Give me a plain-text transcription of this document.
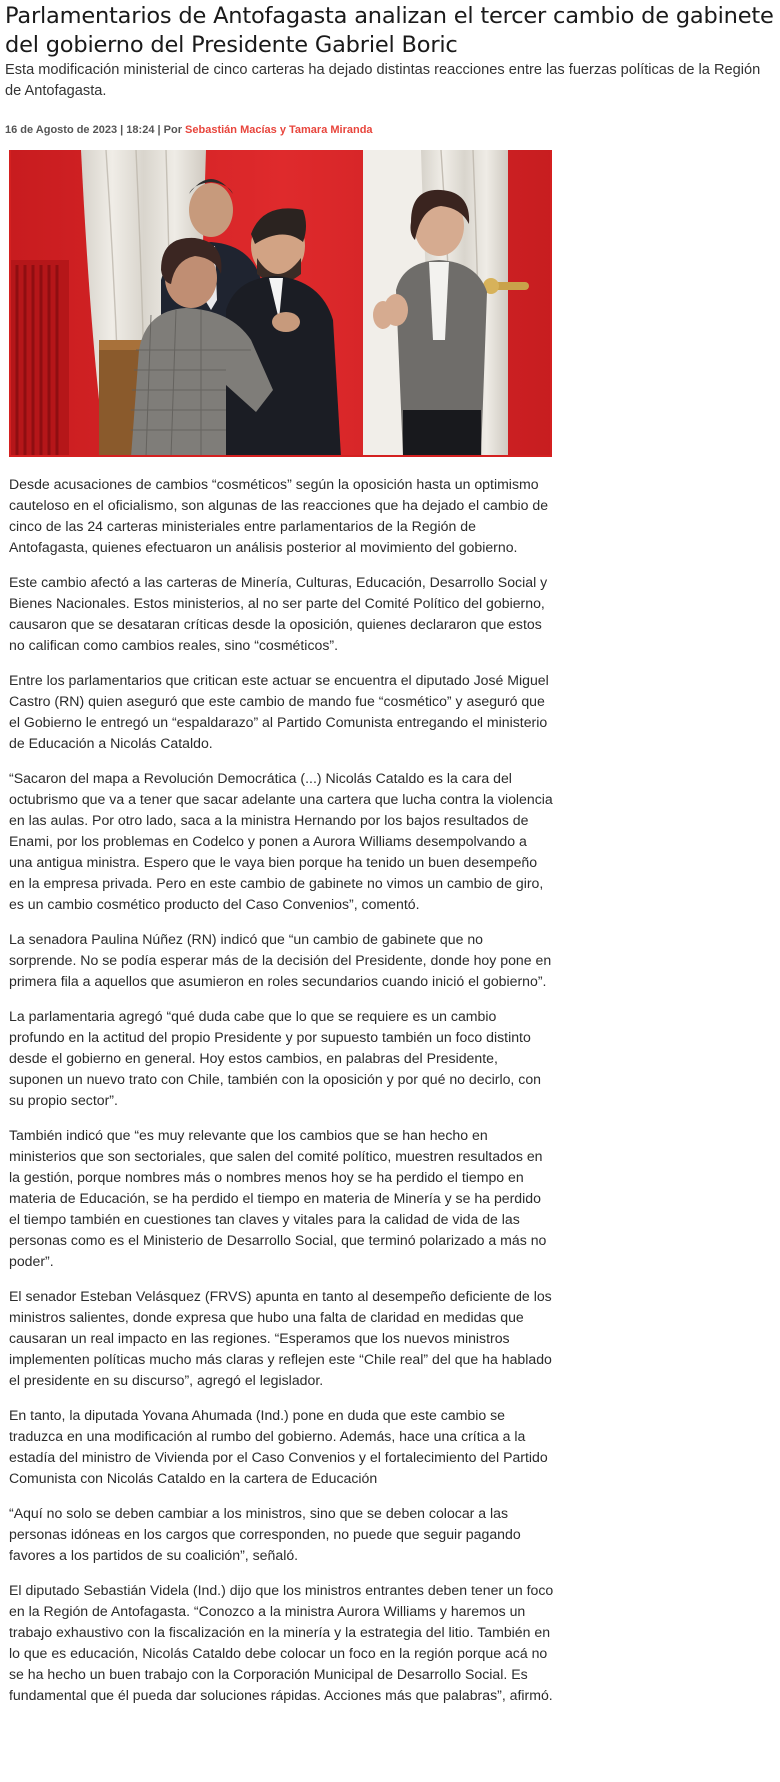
Parlamentarios de Antofagasta analizan el tercer cambio de gabinete del gobierno del Presidente Gabriel Boric

Esta modificación ministerial de cinco carteras ha dejado distintas reacciones entre las fuerzas políticas de la Región de Antofagasta.

16 de Agosto de 2023 | 18:24 | Por Sebastián Macías y Tamara Miranda

Desde acusaciones de cambios “cosméticos” según la oposición hasta un optimismo cauteloso en el oficialismo, son algunas de las reacciones que ha dejado el cambio de cinco de las 24 carteras ministeriales entre parlamentarios de la Región de Antofagasta, quienes efectuaron un análisis posterior al movimiento del gobierno.

Este cambio afectó a las carteras de Minería, Culturas, Educación, Desarrollo Social y Bienes Nacionales. Estos ministerios, al no ser parte del Comité Político del gobierno, causaron que se desataran críticas desde la oposición, quienes declararon que estos no califican como cambios reales, sino “cosméticos”.

Entre los parlamentarios que critican este actuar se encuentra el diputado José Miguel Castro (RN) quien aseguró que este cambio de mando fue “cosmético” y aseguró que el Gobierno le entregó un “espaldarazo” al Partido Comunista entregando el ministerio de Educación a Nicolás Cataldo.

“Sacaron del mapa a Revolución Democrática (...) Nicolás Cataldo es la cara del octubrismo que va a tener que sacar adelante una cartera que lucha contra la violencia en las aulas. Por otro lado, saca a la ministra Hernando por los bajos resultados de Enami, por los problemas en Codelco y ponen a Aurora Williams desempolvando a una antigua ministra. Espero que le vaya bien porque ha tenido un buen desempeño en la empresa privada. Pero en este cambio de gabinete no vimos un cambio de giro, es un cambio cosmético producto del Caso Convenios”, comentó.

La senadora Paulina Núñez (RN) indicó que “un cambio de gabinete que no sorprende. No se podía esperar más de la decisión del Presidente, donde hoy pone en primera fila a aquellos que asumieron en roles secundarios cuando inició el gobierno”.

La parlamentaria agregó “qué duda cabe que lo que se requiere es un cambio profundo en la actitud del propio Presidente y por supuesto también un foco distinto desde el gobierno en general. Hoy estos cambios, en palabras del Presidente, suponen un nuevo trato con Chile, también con la oposición y por qué no decirlo, con su propio sector”.

También indicó que “es muy relevante que los cambios que se han hecho en ministerios que son sectoriales, que salen del comité político, muestren resultados en la gestión, porque nombres más o nombres menos hoy se ha perdido el tiempo en materia de Educación, se ha perdido el tiempo en materia de Minería y se ha perdido el tiempo también en cuestiones tan claves y vitales para la calidad de vida de las personas como es el Ministerio de Desarrollo Social, que terminó polarizado a más no poder”.

El senador Esteban Velásquez (FRVS) apunta en tanto al desempeño deficiente de los ministros salientes, donde expresa que hubo una falta de claridad en medidas que causaran un real impacto en las regiones. “Esperamos que los nuevos ministros implementen políticas mucho más claras y reflejen este “Chile real” del que ha hablado el presidente en su discurso”, agregó el legislador.

En tanto, la diputada Yovana Ahumada (Ind.) pone en duda que este cambio se traduzca en una modificación al rumbo del gobierno. Además, hace una crítica a la estadía del ministro de Vivienda por el Caso Convenios y el fortalecimiento del Partido Comunista con Nicolás Cataldo en la cartera de Educación

“Aquí no solo se deben cambiar a los ministros, sino que se deben colocar a las personas idóneas en los cargos que corresponden, no puede que seguir pagando favores a los partidos de su coalición”, señaló.

El diputado Sebastián Videla (Ind.) dijo que los ministros entrantes deben tener un foco en la Región de Antofagasta. “Conozco a la ministra Aurora Williams y haremos un trabajo exhaustivo con la fiscalización en la minería y la estrategia del litio. También en lo que es educación, Nicolás Cataldo debe colocar un foco en la región porque acá no se ha hecho un buen trabajo con la Corporación Municipal de Desarrollo Social. Es fundamental que él pueda dar soluciones rápidas. Acciones más que palabras”, afirmó.
